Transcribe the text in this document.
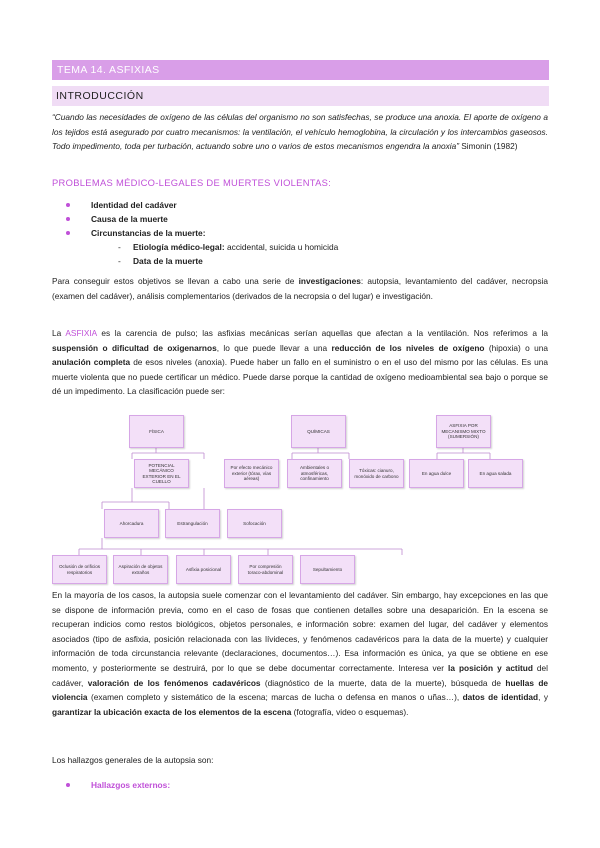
TEMA 14. ASFIXIAS
INTRODUCCIÓN
“Cuando las necesidades de oxígeno de las células del organismo no son satisfechas, se produce una anoxia. El aporte de oxígeno a los tejidos está asegurado por cuatro mecanismos: la ventilación, el vehículo hemoglobina, la circulación y los intercambios gaseosos. Todo impedimento, toda per turbación, actuando sobre uno o varios de estos mecanismos engendra la anoxia” Simonin (1982)
PROBLEMAS MÉDICO-LEGALES DE MUERTES VIOLENTAS:
Identidad del cadáver
Causa de la muerte
Circunstancias de la muerte:
- Etiología médico-legal: accidental, suicida u homicida
- Data de la muerte
Para conseguir estos objetivos se llevan a cabo una serie de investigaciones: autopsia, levantamiento del cadáver, necropsia (examen del cadáver), análisis complementarios (derivados de la necropsia o del lugar) e investigación.
La ASFIXIA es la carencia de pulso; las asfixias mecánicas serían aquellas que afectan a la ventilación. Nos referimos a la suspensión o dificultad de oxigenarnos, lo que puede llevar a una reducción de los niveles de oxígeno (hipoxia) o una anulación completa de esos niveles (anoxia). Puede haber un fallo en el suministro o en el uso del mismo por las células. Es una muerte violenta que no puede certificar un médico. Puede darse porque la cantidad de oxígeno medioambiental sea bajo o porque se dé un impedimento. La clasificación puede ser:
FÍSICA	QUÍMICAS
ASFIXIA POR MECANISMO MIXTO (SUMERSIÓN)
POTENCIAL MECÁNICO EXTERIOR EN EL CUELLO
Por efecto mecánico exterior (tórax, vías aéreas)
Ambientales o atmosféricas, confinamiento
Tóxicas: cianuro, monóxido de carbono
En agua dulce	En agua salada
Ahorcadura	Estrangulación	Sofocación
Oclusión de orificios respiratorios
Aspiración de objetos extraños
Asfixia posicional
Por compresión toraco-abdominal
Sepultamiento
En la mayoría de los casos, la autopsia suele comenzar con el levantamiento del cadáver. Sin embargo, hay excepciones en las que se dispone de información previa, como en el caso de fosas que contienen detalles sobre una desaparición. En la escena se recuperan indicios como restos biológicos, objetos personales, e información sobre: examen del lugar, del cadáver y elementos asociados (tipo de asfixia, posición relacionada con las lívideces, y fenómenos cadavéricos para la data de la muerte) y cualquier información de toda circunstancia relevante (declaraciones, documentos…). Esa información es única, ya que se obtiene en ese momento, y posteriormente se destruirá, por lo que se debe documentar correctamente. Interesa ver la posición y actitud del cadáver, valoración de los fenómenos cadavéricos (diagnóstico de la muerte, data de la muerte), búsqueda de huellas de violencia (examen completo y sistemático de la escena; marcas de lucha o defensa en manos o uñas…), datos de identidad, y garantizar la ubicación exacta de los elementos de la escena (fotografía, video o esquemas).
Los hallazgos generales de la autopsia son:
Hallazgos externos:
